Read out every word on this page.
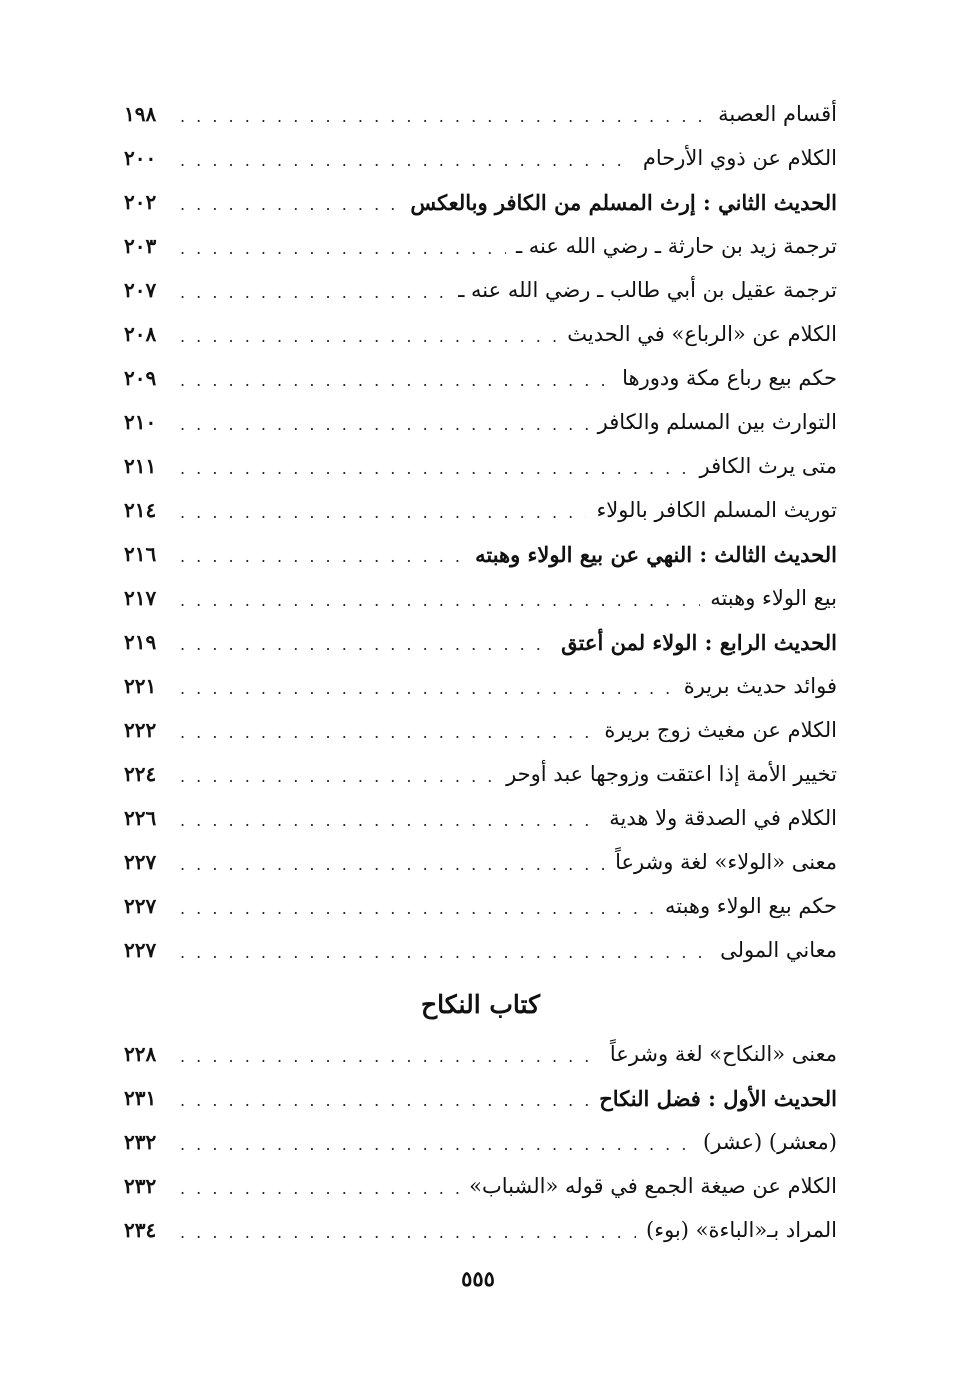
١٩٨ . . .	أقسام العصبة
٢٠٠ . . .	الكلام عن ذوي الأرحام
٢٠٢ . . .	الحديث الثاني : إرث المسلم من الكافر وبالعكس
٢٠٣ . . .	ترجمة زيد بن حارثة ـ رضي الله عنه ـ
٢٠٧ . . .	ترجمة عقيل بن أبي طالب ـ رضي الله عنه ـ
٢٠٨ . . .	الكلام عن «الرباع» في الحديث
٢٠٩ . . .	حكم بيع رباع مكة ودورها
٢١٠ . . .	التوارث بين المسلم والكافر
٢١١ . . .	متى يرث الكافر
٢١٤ . . .	توريث المسلم الكافر بالولاء
٢١٦ . . .	الحديث الثالث : النهي عن بيع الولاء وهبته
٢١٧ . . .	بيع الولاء وهبته
٢١٩ . . .	الحديث الرابع : الولاء لمن أعتق
٢٢١ . . .	فوائد حديث بريرة
٢٢٢ . . .	الكلام عن مغيث زوج بريرة
٢٢٤ . . .	تخيير الأمة إذا اعتقت وزوجها عبد أوحر
٢٢٦ . . .	الكلام في الصدقة ولا هدية
٢٢٧ . . .	معنى «الولاء» لغة وشرعاً
٢٢٧ . . .	حكم بيع الولاء وهبته
٢٢٧ . . .	معاني المولى
كتاب النكاح
٢٢٨ . . .	معنى «النكاح» لغة وشرعاً
٢٣١ . . .	الحديث الأول : فضل النكاح
٢٣٢ . . .	(معشر) (عشر)
٢٣٢ . . .	الكلام عن صيغة الجمع في قوله «الشباب»
٢٣٤ . . .	المراد بـ«الباءة» (بوء)
٥٥٥
